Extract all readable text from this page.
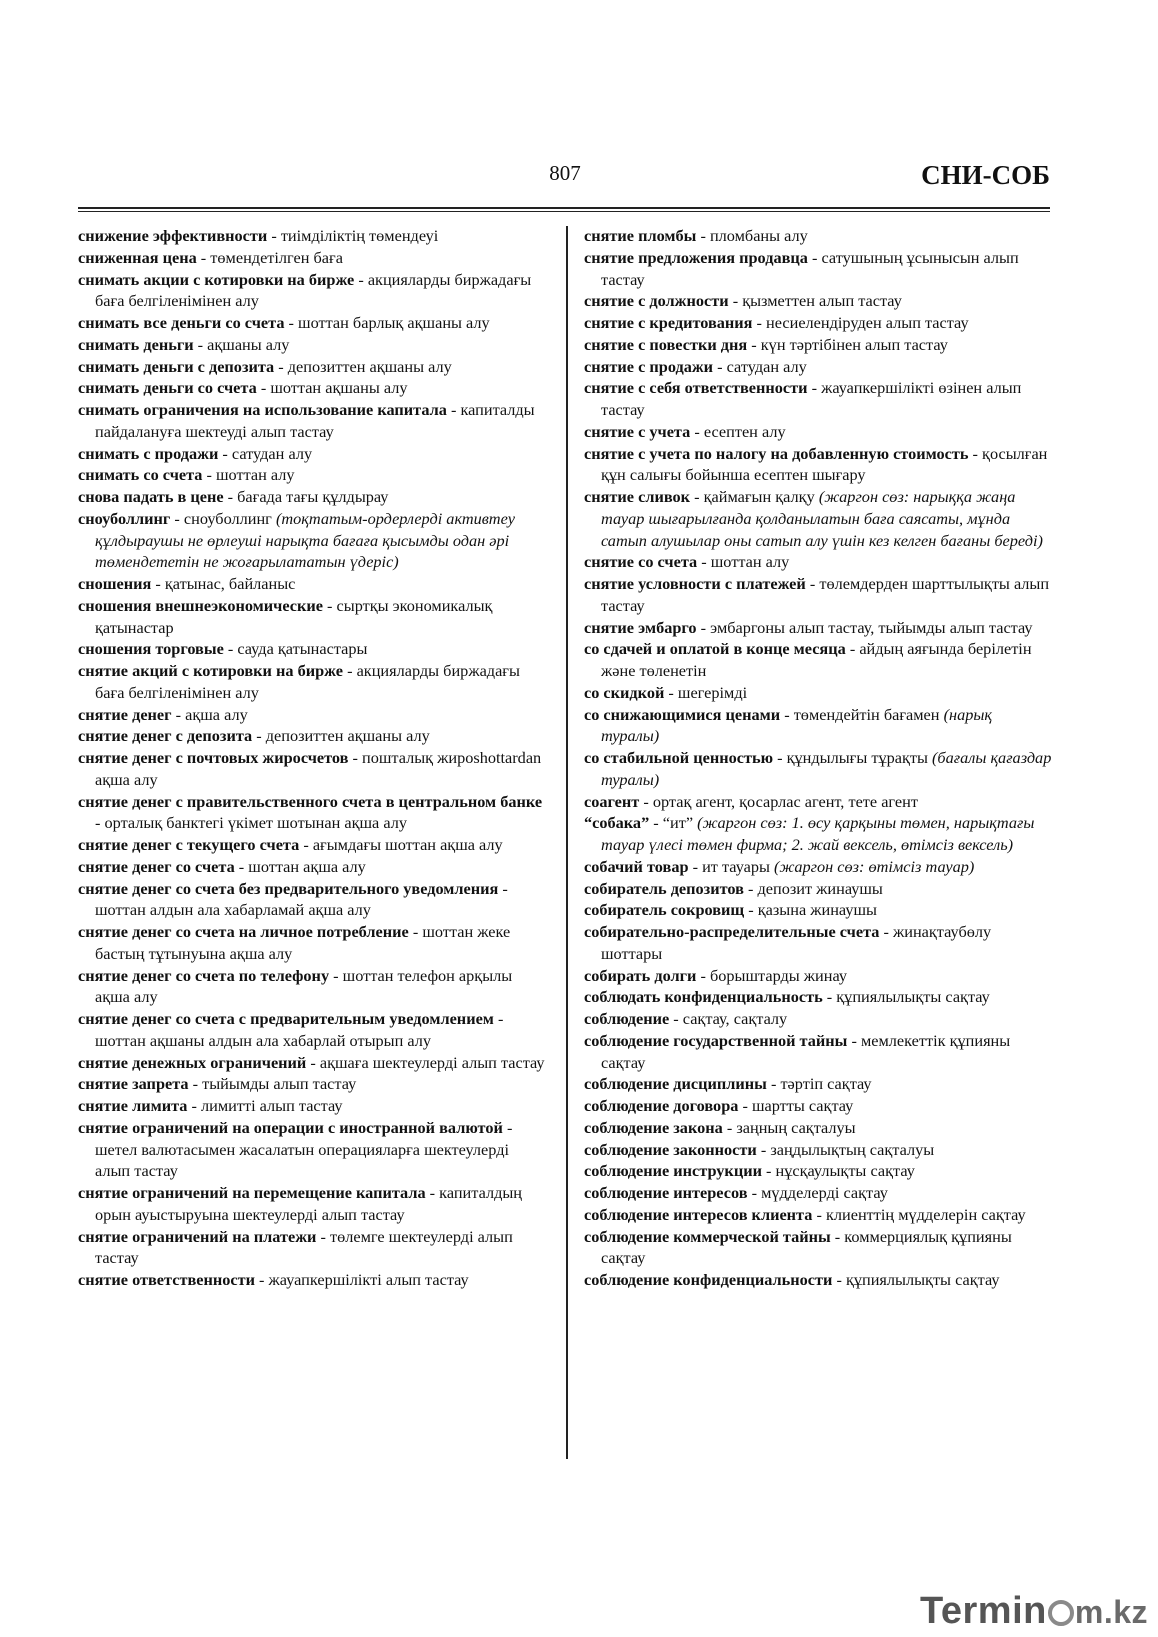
807	СНИ-СОБ

снижение эффективности - тиімділіктің төмендеуі

сниженная цена - төмендетілген баға

снимать акции с котировки на бирже - акцияларды биржадағы баға белгіленімінен алу

снимать все деньги со счета - шоттан барлық ақшаны алу

снимать деньги - ақшаны алу

снимать деньги с депозита - депозиттен ақшаны алу

снимать деньги со счета - шоттан ақшаны алу

снимать ограничения на использование капитала - капиталды пайдалануға шектеуді алып тастау

снимать с продажи - сатудан алу

снимать со счета - шоттан алу

снова падать в цене - бағада тағы құлдырау

сноуболлинг - сноуболлинг (тоқтатым-ордерлерді активтеу құлдыраушы не өрлеуші нарықта бағаға қысымды одан әрі төмендететін не жоғарылататын үдеріс)

сношения - қатынас, байланыс

сношения внешнеэкономические - сыртқы экономикалық қатынастар

сношения торговые - сауда қатынастары

снятие акций с котировки на бирже - акцияларды биржадағы баға белгіленімінен алу

снятие денег - ақша алу

снятие денег с депозита - депозиттен ақшаны алу

снятие денег с почтовых жиросчетов - пошталық жироshottardan ақша алу

снятие денег с правительственного счета в центральном банке - орталық банктегі үкімет шотынан ақша алу

снятие денег с текущего счета - ағымдағы шоттан ақша алу

снятие денег со счета - шоттан ақша алу

снятие денег со счета без предварительного уведомления - шоттан алдын ала хабарламай ақша алу

снятие денег со счета на личное потребление - шоттан жеке бастың тұтынуына ақша алу

снятие денег со счета по телефону - шоттан телефон арқылы ақша алу

снятие денег со счета с предварительным уведомлением - шоттан ақшаны алдын ала хабарлай отырып алу

снятие денежных ограничений - ақшаға шектеулерді алып тастау

снятие запрета - тыйымды алып тастау

снятие лимита - лимитті алып тастау

снятие ограничений на операции с иностранной валютой - шетел валютасымен жасалатын операцияларға шектеулерді алып тастау

снятие ограничений на перемещение капитала - капиталдың орын ауыстыруына шектеулерді алып тастау

снятие ограничений на платежи - төлемге шектеулерді алып тастау

снятие ответственности - жауапкершілікті алып тастау

снятие пломбы - пломбаны алу

снятие предложения продавца - сатушының ұсынысын алып тастау

снятие с должности - қызметтен алып тастау

снятие с кредитования - несиелендіруден алып тастау

снятие с повестки дня - күн тәртібінен алып тастау

снятие с продажи - сатудан алу

снятие с себя ответственности - жауапкершілікті өзінен алып тастау

снятие с учета - есептен алу

снятие с учета по налогу на добавленную стоимость - қосылған құн салығы бойынша есептен шығару

снятие сливок - қаймағын қалқу (жаргон сөз: нарыққа жаңа тауар шығарылғанда қолданылатын баға саясаты, мұнда сатып алушылар оны сатып алу үшін кез келген бағаны береді)

снятие со счета - шоттан алу

снятие условности с платежей - төлемдерден шарттылықты алып тастау

снятие эмбарго - эмбаргоны алып тастау, тыйымды алып тастау

со сдачей и оплатой в конце месяца - айдың аяғында берілетін және төленетін

со скидкой - шегерімді

со снижающимися ценами - төмендейтін бағамен (нарық туралы)

со стабильной ценностью - құндылығы тұрақты (бағалы қағаздар туралы)

соагент - ортақ агент, қосарлас агент, тете агент

“собака” - “ит” (жаргон сөз: 1. өсу қарқыны төмен, нарықтағы тауар үлесі төмен фирма; 2. жай вексель, өтімсіз вексель)

собачий товар - ит тауары (жаргон сөз: өтімсіз тауар)

собиратель депозитов - депозит жинаушы

собиратель сокровищ - қазына жинаушы

собирательно-распределительные счета - жинақтаубөлу шоттары

собирать долги - борыштарды жинау

соблюдать конфиденциальность - құпиялылықты сақтау

соблюдение - сақтау, сақталу

соблюдение государственной тайны - мемлекеттік құпияны сақтау

соблюдение дисциплины - тәртіп сақтау

соблюдение договора - шартты сақтау

соблюдение закона - заңның сақталуы

соблюдение законности - заңдылықтың сақталуы

соблюдение инструкции - нұсқаулықты сақтау

соблюдение интересов - мүдделерді сақтау

соблюдение интересов клиента - клиенттің мүдделерін сақтау

соблюдение коммерческой тайны - коммерциялық құпияны сақтау

соблюдение конфиденциальности - құпиялылықты сақтау

Termin m.kz
